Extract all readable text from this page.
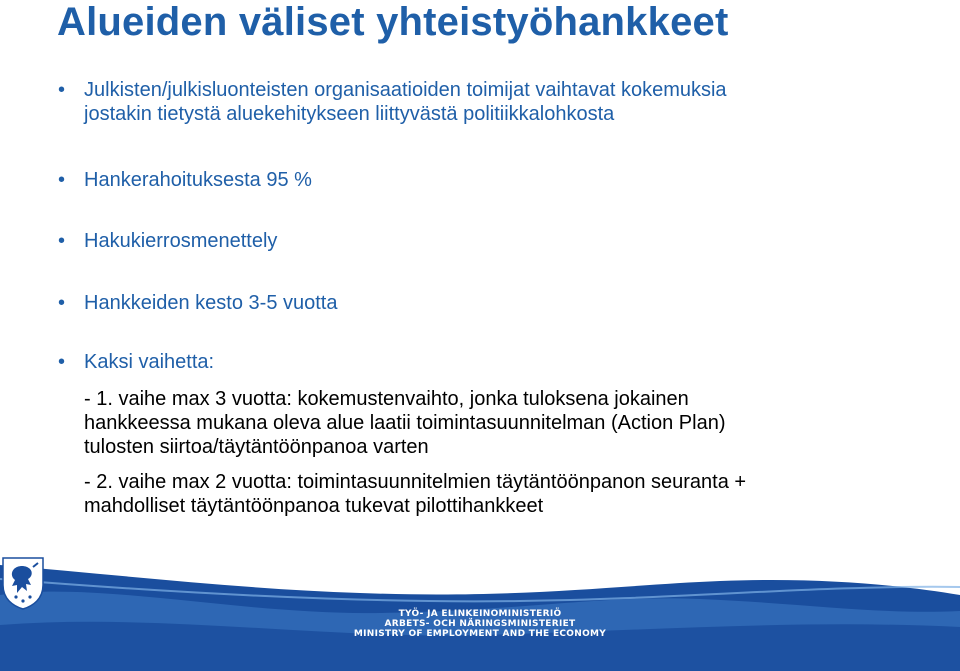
Alueiden väliset yhteistyöhankkeet
• Julkisten/julkisluonteisten organisaatioiden toimijat vaihtavat kokemuksia
jostakin tietystä aluekehitykseen liittyvästä politiikkalohkosta
• Hankerahoituksesta 95 %
• Hakukierrosmenettely
• Hankkeiden kesto 3-5 vuotta
• Kaksi vaihetta:
- 1. vaihe max 3 vuotta: kokemustenvaihto, jonka tuloksena jokainen
hankkeessa mukana oleva alue laatii toimintasuunnitelman (Action Plan)
tulosten siirtoa/täytäntöönpanoa varten
- 2. vaihe max 2 vuotta: toimintasuunnitelmien täytäntöönpanon seuranta +
mahdolliset täytäntöönpanoa tukevat pilottihankkeet
TYÖ- JA ELINKEINOMINISTERIÖ
ARBETS- OCH NÄRINGSMINISTERIET
MINISTRY OF EMPLOYMENT AND THE ECONOMY
